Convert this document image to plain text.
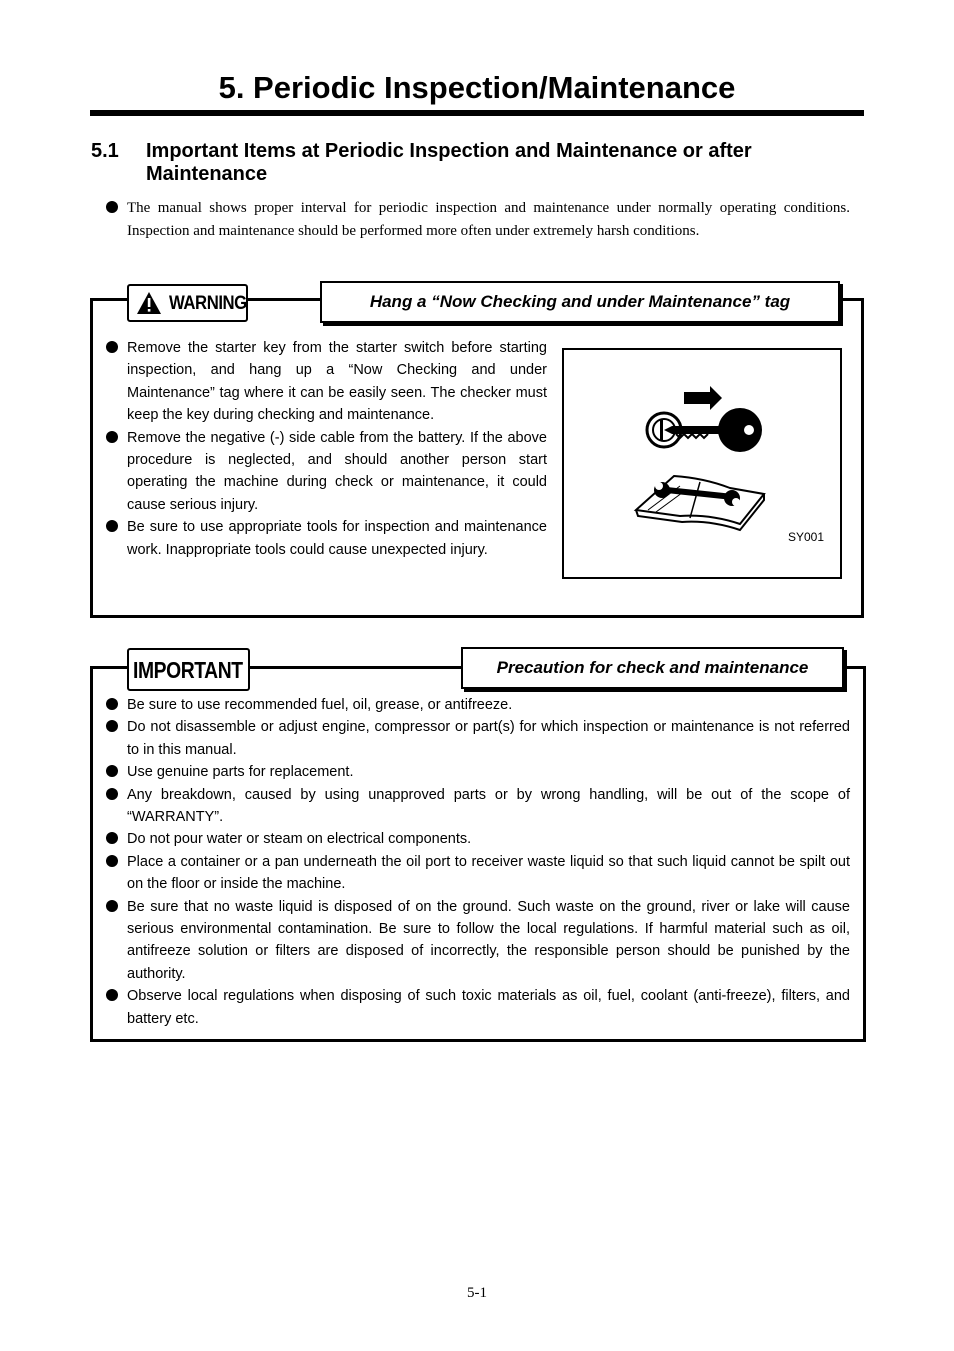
5. Periodic Inspection/Maintenance
5.1 Important Items at Periodic Inspection and Maintenance or after Maintenance
The manual shows proper interval for periodic inspection and maintenance under normally operating conditions. Inspection and maintenance should be performed more often under extremely harsh conditions.
WARNING	Hang a “Now Checking and under Maintenance” tag
Remove the starter key from the starter switch before starting inspection, and hang up a “Now Checking and under Maintenance” tag where it can be easily seen. The checker must keep the key during checking and maintenance.
Remove the negative (-) side cable from the battery. If the above procedure is neglected, and should another person start operating the machine during check or maintenance, it could cause serious injury.
Be sure to use appropriate tools for inspection and maintenance work. Inappropriate tools could cause unexpected injury.
SY001
IMPORTANT	Precaution for check and maintenance
Be sure to use recommended fuel, oil, grease, or antifreeze.
Do not disassemble or adjust engine, compressor or part(s) for which inspection or maintenance is not referred to in this manual.
Use genuine parts for replacement.
Any breakdown, caused by using unapproved parts or by wrong handling, will be out of the scope of “WARRANTY”.
Do not pour water or steam on electrical components.
Place a container or a pan underneath the oil port to receiver waste liquid so that such liquid cannot be spilt out on the floor or inside the machine.
Be sure that no waste liquid is disposed of on the ground. Such waste on the ground, river or lake will cause serious environmental contamination. Be sure to follow the local regulations. If harmful material such as oil, antifreeze solution or filters are disposed of incorrectly, the responsible person should be punished by the authority.
Observe local regulations when disposing of such toxic materials as oil, fuel, coolant (anti-freeze), filters, and battery etc.
5-1
